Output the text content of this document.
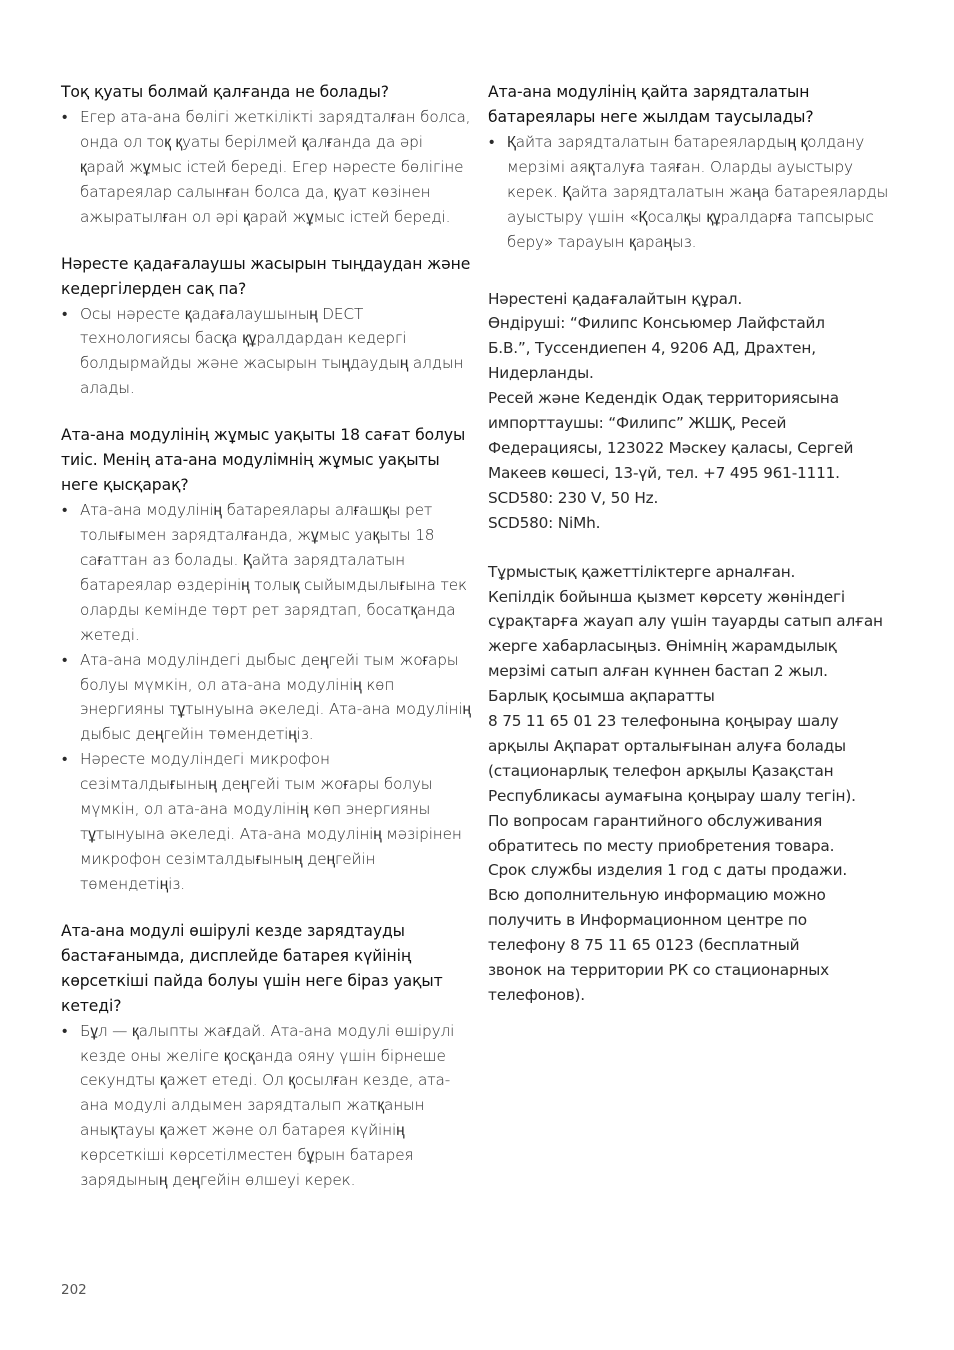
Тоқ қуаты болмай қалғанда не болады?
• Егер ата-ана бөлігі жеткілікті зарядталған болса, онда ол тоқ қуаты берілмей қалғанда да әрі қарай жұмыс істей береді. Егер нәресте бөлігіне батареялар салынған болса да, қуат көзінен ажыратылған ол әрі қарай жұмыс істей береді.
Нәресте қадағалаушы жасырын тыңдаудан және кедергілерден сақ па?
• Осы нәресте қадағалаушының DECT технологиясы басқа құралдардан кедергі болдырмайды және жасырын тыңдаудың алдын алады.
Ата-ана модулінің жұмыс уақыты 18 сағат болуы тиіс. Менің ата-ана модулімнің жұмыс уақыты неге қысқарақ?
• Ата-ана модулінің батареялары алғашқы рет толығымен зарядталғанда, жұмыс уақыты 18 сағаттан аз болады. Қайта зарядталатын батареялар өздерінің толық сыйымдылығына тек оларды кемінде төрт рет зарядтап, босатқанда жетеді.
• Ата-ана модуліндегі дыбыс деңгейі тым жоғары болуы мүмкін, ол ата-ана модулінің көп энергияны тұтынуына әкеледі. Ата-ана модулінің дыбыс деңгейін төмендетіңіз.
• Нәресте модуліндегі микрофон сезімталдығының деңгейі тым жоғары болуы мүмкін, ол ата-ана модулінің көп энергияны тұтынуына әкеледі. Ата-ана модулінің мәзірінен микрофон сезімталдығының деңгейін төмендетіңіз.
Ата-ана модулі өшірулі кезде зарядтауды бастағанымда, дисплейде батарея күйінің көрсеткіші пайда болуы үшін неге біраз уақыт кетеді?
• Бұл — қалыпты жағдай. Ата-ана модулі өшірулі кезде оны желіге қосқанда ояну үшін бірнеше секундты қажет етеді. Ол қосылған кезде, ата-ана модулі алдымен зарядталып жатқанын анықтауы қажет және ол батарея күйінің көрсеткіші көрсетілместен бұрын батарея зарядының деңгейін өлшеуі керек.
Ата-ана модулінің қайта зарядталатын батареялары неге жылдам таусылады?
• Қайта зарядталатын батареялардың қолдану мерзімі аяқталуға таяған. Оларды ауыстыру керек. Қайта зарядталатын жаңа батареяларды ауыстыру үшін «Қосалқы құралдарға тапсырыс беру» тарауын қараңыз.
Нәрестені қадағалайтын құрал.
Өндіруші: “Филипс Консьюмер Лайфстайл
Б.В.”, Туссендиепен 4, 9206 АД, Драхтен,
Нидерланды.
Ресей және Кедендік Одақ территориясына
импорттаушы: “Филипс” ЖШҚ, Ресей
Федерациясы, 123022 Мәскеу қаласы, Сергей
Макеев көшесі, 13-үй, тел. +7 495 961-1111.
SCD580: 230 V, 50 Hz.
SCD580: NiMh.
Тұрмыстық қажеттіліктерге арналған.
Кепілдік бойынша қызмет көрсету жөніндегі
сұрақтарға жауап алу үшін тауарды сатып алған
жерге хабарласыңыз. Өнімнің жарамдылық
мерзімі сатып алған күннен бастап 2 жыл.
Барлық қосымша ақпаратты
8 75 11 65 01 23 телефонына қоңырау шалу
арқылы Ақпарат орталығынан алуға болады
(стационарлық телефон арқылы Қазақстан
Республикасы аумағына қоңырау шалу тегін).
По вопросам гарантийного обслуживания
обратитесь по месту приобретения товара.
Срок службы изделия 1 год с даты продажи.
Всю дополнительную информацию можно
получить в Информационном центре по
телефону 8 75 11 65 0123 (бесплатный
звонок на территории РК со стационарных
телефонов).
202
